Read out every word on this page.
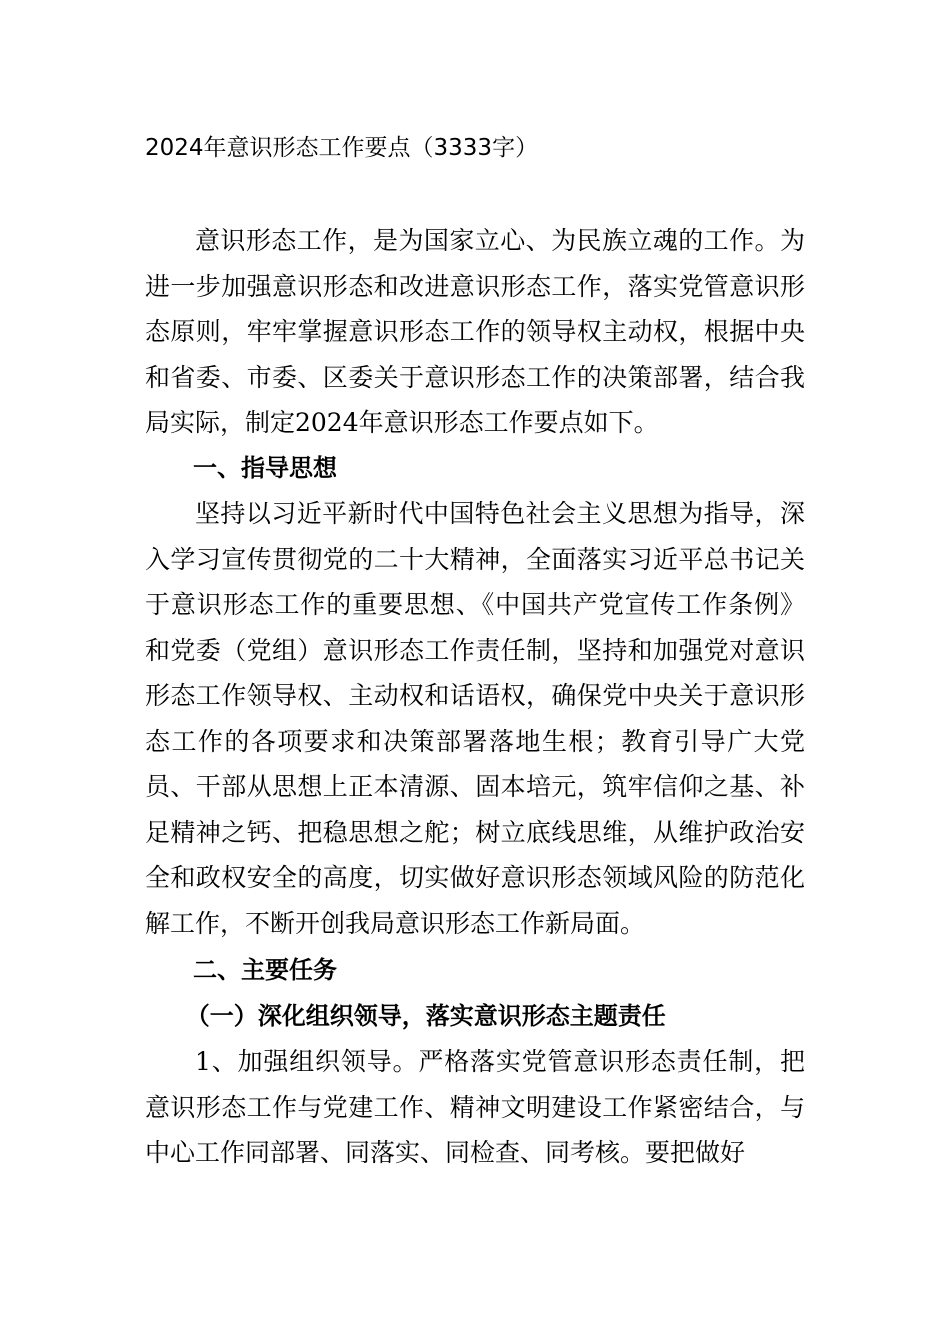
2024年意识形态工作要点（3333字）

意识形态工作，是为国家立心、为民族立魂的工作。为进一步加强意识形态和改进意识形态工作，落实党管意识形态原则，牢牢掌握意识形态工作的领导权主动权，根据中央和省委、市委、区委关于意识形态工作的决策部署，结合我局实际，制定2024年意识形态工作要点如下。

一、指导思想

坚持以习近平新时代中国特色社会主义思想为指导，深入学习宣传贯彻党的二十大精神，全面落实习近平总书记关于意识形态工作的重要思想、《中国共产党宣传工作条例》和党委（党组）意识形态工作责任制，坚持和加强党对意识形态工作领导权、主动权和话语权，确保党中央关于意识形态工作的各项要求和决策部署落地生根；教育引导广大党员、干部从思想上正本清源、固本培元，筑牢信仰之基、补足精神之钙、把稳思想之舵；树立底线思维，从维护政治安全和政权安全的高度，切实做好意识形态领域风险的防范化解工作，不断开创我局意识形态工作新局面。

二、主要任务

（一）深化组织领导，落实意识形态主题责任

1、加强组织领导。严格落实党管意识形态责任制，把意识形态工作与党建工作、精神文明建设工作紧密结合，与中心工作同部署、同落实、同检查、同考核。要把做好
